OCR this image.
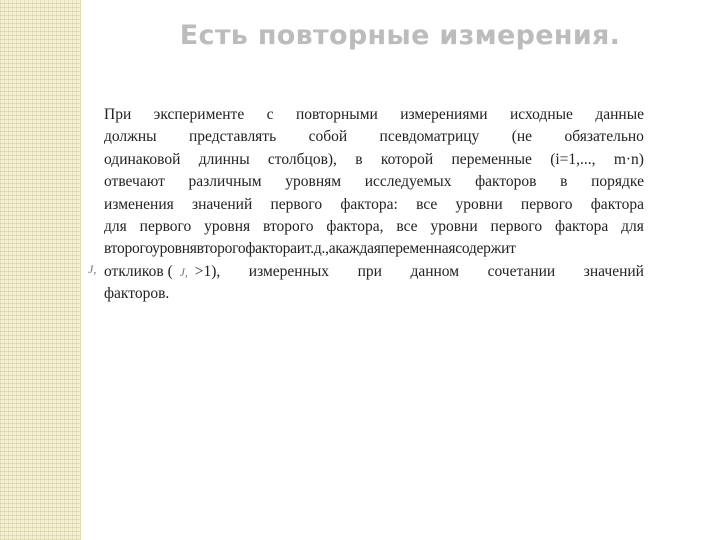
Есть повторные измерения.
J,
При эксперименте с повторными измерениями исходные данные
должны представлять собой псевдоматрицу (не обязательно
одинаковой длинны столбцов), в которой переменные (i=1,..., m·n)
отвечают различным уровням исследуемых факторов в порядке
изменения значений первого фактора: все уровни первого фактора
для первого уровня второго фактора, все уровни первого фактора для
второгоуровнявторогофактораит.д.,акаждаяпеременнаясодержит
откликов ( J, >1), измеренных при данном сочетании значений
факторов.
